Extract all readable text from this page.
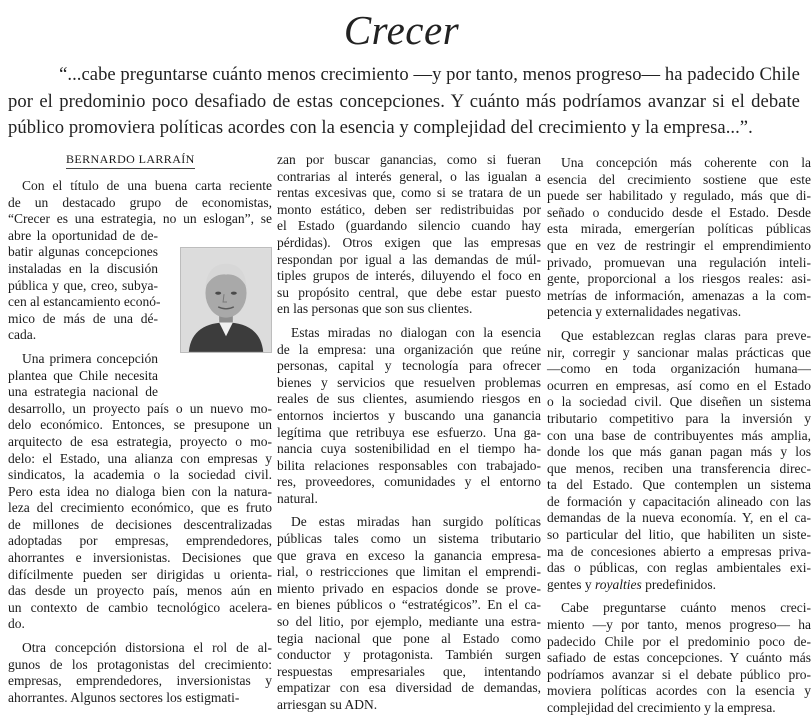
Crecer
“...cabe preguntarse cuánto menos crecimiento —y por tanto, menos progreso— ha padecido Chile
por el predominio poco desafiado de estas concepciones. Y cuánto más podríamos avanzar si el debate
público promoviera políticas acordes con la esencia y complejidad del crecimiento y la empresa...”.
BERNARDO LARRAÍN
Con el título de una buena carta reciente
de un destacado grupo de economistas,
“Crecer es una estrategia, no un eslogan”, se
abre la oportunidad de de-
batir algunas concepciones
instaladas en la discusión
pública y que, creo, subya-
cen al estancamiento econó-
mico de más de una dé-
cada.
Una primera concepción
plantea que Chile necesita
una estrategia nacional de
desarrollo, un proyecto país o un nuevo mo-
delo económico. Entonces, se presupone un
arquitecto de esa estrategia, proyecto o mo-
delo: el Estado, una alianza con empresas y
sindicatos, la academia o la sociedad civil.
Pero esta idea no dialoga bien con la natura-
leza del crecimiento económico, que es fruto
de millones de decisiones descentralizadas
adoptadas por empresas, emprendedores,
ahorrantes e inversionistas. Decisiones que
difícilmente pueden ser dirigidas u orienta-
das desde un proyecto país, menos aún en
un contexto de cambio tecnológico acelera-
do.
Otra concepción distorsiona el rol de al-
gunos de los protagonistas del crecimiento:
empresas, emprendedores, inversionistas y
ahorrantes. Algunos sectores los estigmati-
zan por buscar ganancias, como si fueran
contrarias al interés general, o las igualan a
rentas excesivas que, como si se tratara de un
monto estático, deben ser redistribuidas por
el Estado (guardando silencio cuando hay
pérdidas). Otros exigen que las empresas
respondan por igual a las demandas de múl-
tiples grupos de interés, diluyendo el foco en
su propósito central, que debe estar puesto
en las personas que son sus clientes.
Estas miradas no dialogan con la esencia
de la empresa: una organización que reúne
personas, capital y tecnología para ofrecer
bienes y servicios que resuelven problemas
reales de sus clientes, asumiendo riesgos en
entornos inciertos y buscando una ganancia
legítima que retribuya ese esfuerzo. Una ga-
nancia cuya sostenibilidad en el tiempo ha-
bilita relaciones responsables con trabajado-
res, proveedores, comunidades y el entorno
natural.
De estas miradas han surgido políticas
públicas tales como un sistema tributario
que grava en exceso la ganancia empresa-
rial, o restricciones que limitan el emprendi-
miento privado en espacios donde se prove-
en bienes públicos o “estratégicos”. En el ca-
so del litio, por ejemplo, mediante una estra-
tegia nacional que pone al Estado como
conductor y protagonista. También surgen
respuestas empresariales que, intentando
empatizar con esa diversidad de demandas,
arriesgan su ADN.
Una concepción más coherente con la
esencia del crecimiento sostiene que este
puede ser habilitado y regulado, más que di-
señado o conducido desde el Estado. Desde
esta mirada, emergerían políticas públicas
que en vez de restringir el emprendimiento
privado, promuevan una regulación inteli-
gente, proporcional a los riesgos reales: asi-
metrías de información, amenazas a la com-
petencia y externalidades negativas.
Que establezcan reglas claras para preve-
nir, corregir y sancionar malas prácticas que
—como en toda organización humana—
ocurren en empresas, así como en el Estado
o la sociedad civil. Que diseñen un sistema
tributario competitivo para la inversión y
con una base de contribuyentes más amplia,
donde los que más ganan pagan más y los
que menos, reciben una transferencia direc-
ta del Estado. Que contemplen un sistema
de formación y capacitación alineado con las
demandas de la nueva economía. Y, en el ca-
so particular del litio, que habiliten un siste-
ma de concesiones abierto a empresas priva-
das o públicas, con reglas ambientales exi-
gentes y royalties predefinidos.
Cabe preguntarse cuánto menos creci-
miento —y por tanto, menos progreso— ha
padecido Chile por el predominio poco de-
safiado de estas concepciones. Y cuánto más
podríamos avanzar si el debate público pro-
moviera políticas acordes con la esencia y
complejidad del crecimiento y la empresa.
